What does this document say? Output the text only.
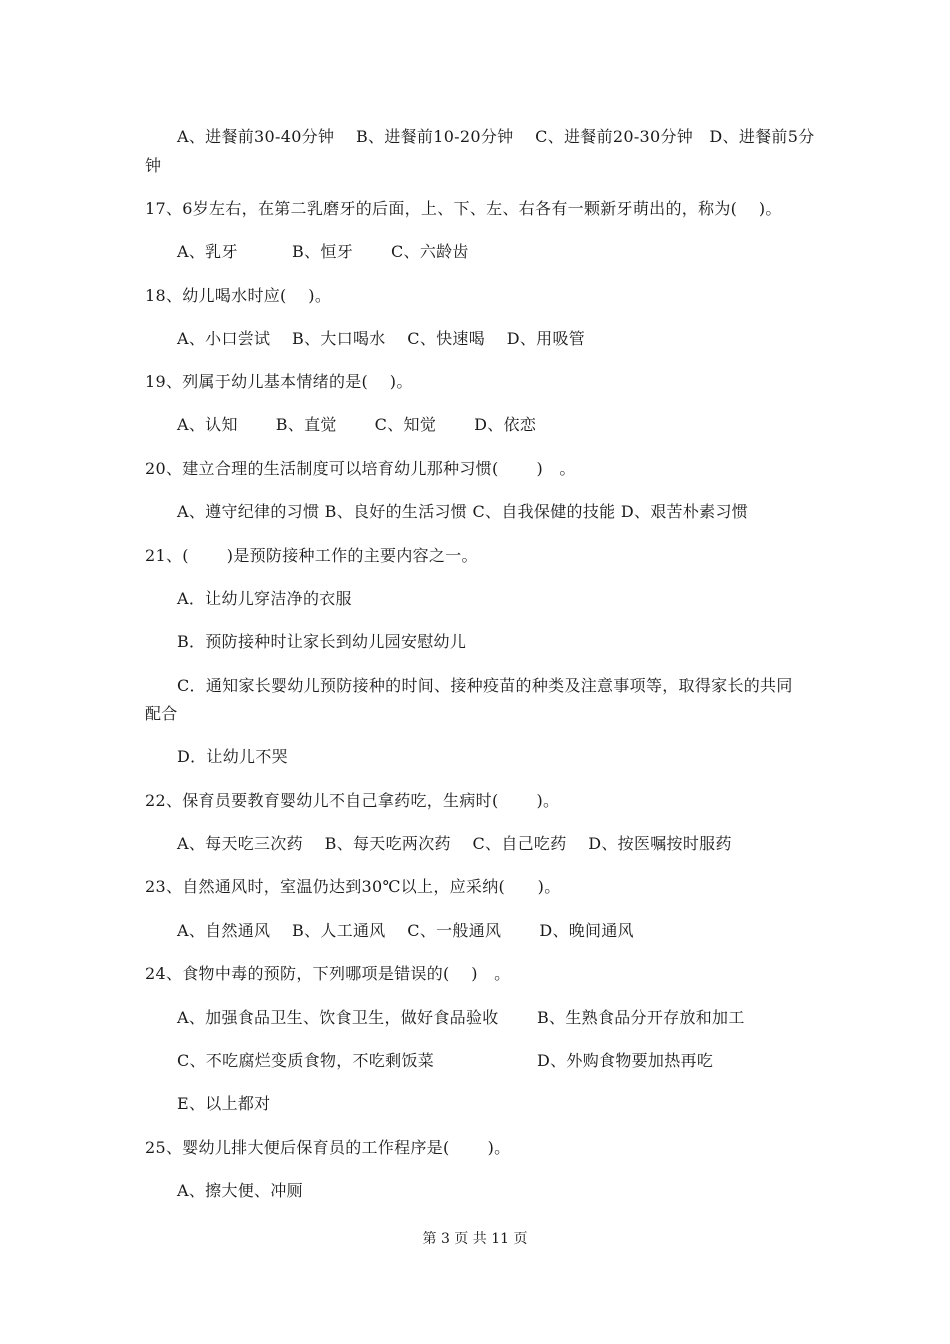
A、进餐前30-40分钟　 B、进餐前10-20分钟　 C、进餐前20-30分钟　D、进餐前5分
钟
17、6岁左右，在第二乳磨牙的后面，上、下、左、右各有一颗新牙萌出的，称为(　 )。
A、乳牙　　 　B、恒牙　　 C、六龄齿
18、幼儿喝水时应(　 )。
A、小口尝试　 B、大口喝水　 C、快速喝　 D、用吸管
19、列属于幼儿基本情绪的是(　 )。
A、认知　　 B、直觉　　 C、知觉　　 D、依恋
20、建立合理的生活制度可以培育幼儿那种习惯(　　 )　。
A、遵守纪律的习惯 B、良好的生活习惯 C、自我保健的技能 D、艰苦朴素习惯
21、(　　 )是预防接种工作的主要内容之一。
A．让幼儿穿洁净的衣服
B．预防接种时让家长到幼儿园安慰幼儿
C．通知家长婴幼儿预防接种的时间、接种疫苗的种类及注意事项等，取得家长的共同
配合
D．让幼儿不哭
22、保育员要教育婴幼儿不自己拿药吃，生病时(　　 )。
A、每天吃三次药　 B、每天吃两次药　 C、自己吃药　 D、按医嘱按时服药
23、自然通风时，室温仍达到30℃以上，应采纳(　　)。
A、自然通风　 B、人工通风　 C、一般通风　　 D、晚间通风
24、食物中毒的预防，下列哪项是错误的(　 )　。
A、加强食品卫生、饮食卫生，做好食品验收 B、生熟食品分开存放和加工
C、不吃腐烂变质食物，不吃剩饭菜	D、外购食物要加热再吃
E、以上都对
25、婴幼儿排大便后保育员的工作程序是(　　 )。
A、擦大便、冲厕
第 3 页 共 11 页
